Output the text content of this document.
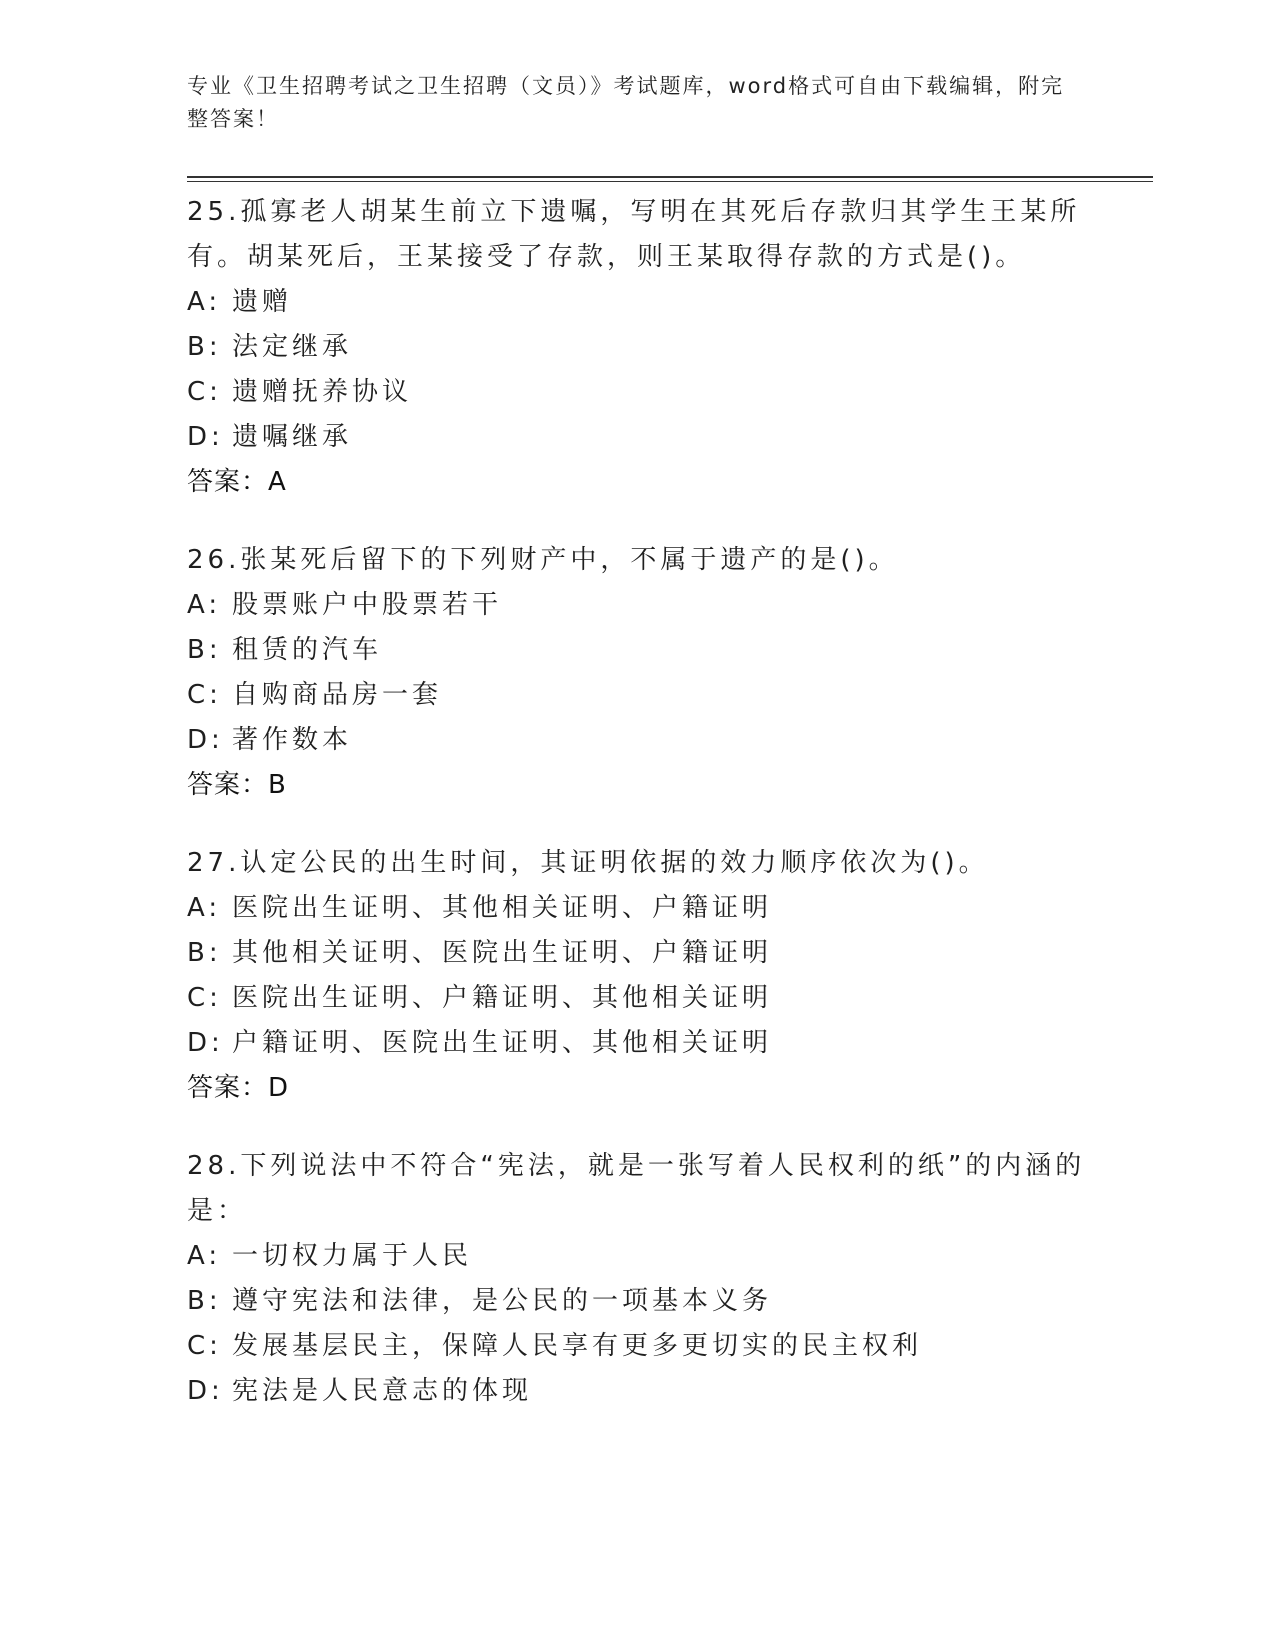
专业《卫生招聘考试之卫生招聘（文员）》考试题库，word格式可自由下载编辑，附完整答案！
25.孤寡老人胡某生前立下遗嘱，写明在其死后存款归其学生王某所有。胡某死后，王某接受了存款，则王某取得存款的方式是()。
A: 遗赠
B: 法定继承
C: 遗赠抚养协议
D: 遗嘱继承
答案：A
26.张某死后留下的下列财产中，不属于遗产的是()。
A: 股票账户中股票若干
B: 租赁的汽车
C: 自购商品房一套
D: 著作数本
答案：B
27.认定公民的出生时间，其证明依据的效力顺序依次为()。
A: 医院出生证明、其他相关证明、户籍证明
B: 其他相关证明、医院出生证明、户籍证明
C: 医院出生证明、户籍证明、其他相关证明
D: 户籍证明、医院出生证明、其他相关证明
答案：D
28.下列说法中不符合“宪法，就是一张写着人民权利的纸”的内涵的是：
A: 一切权力属于人民
B: 遵守宪法和法律，是公民的一项基本义务
C: 发展基层民主，保障人民享有更多更切实的民主权利
D: 宪法是人民意志的体现
